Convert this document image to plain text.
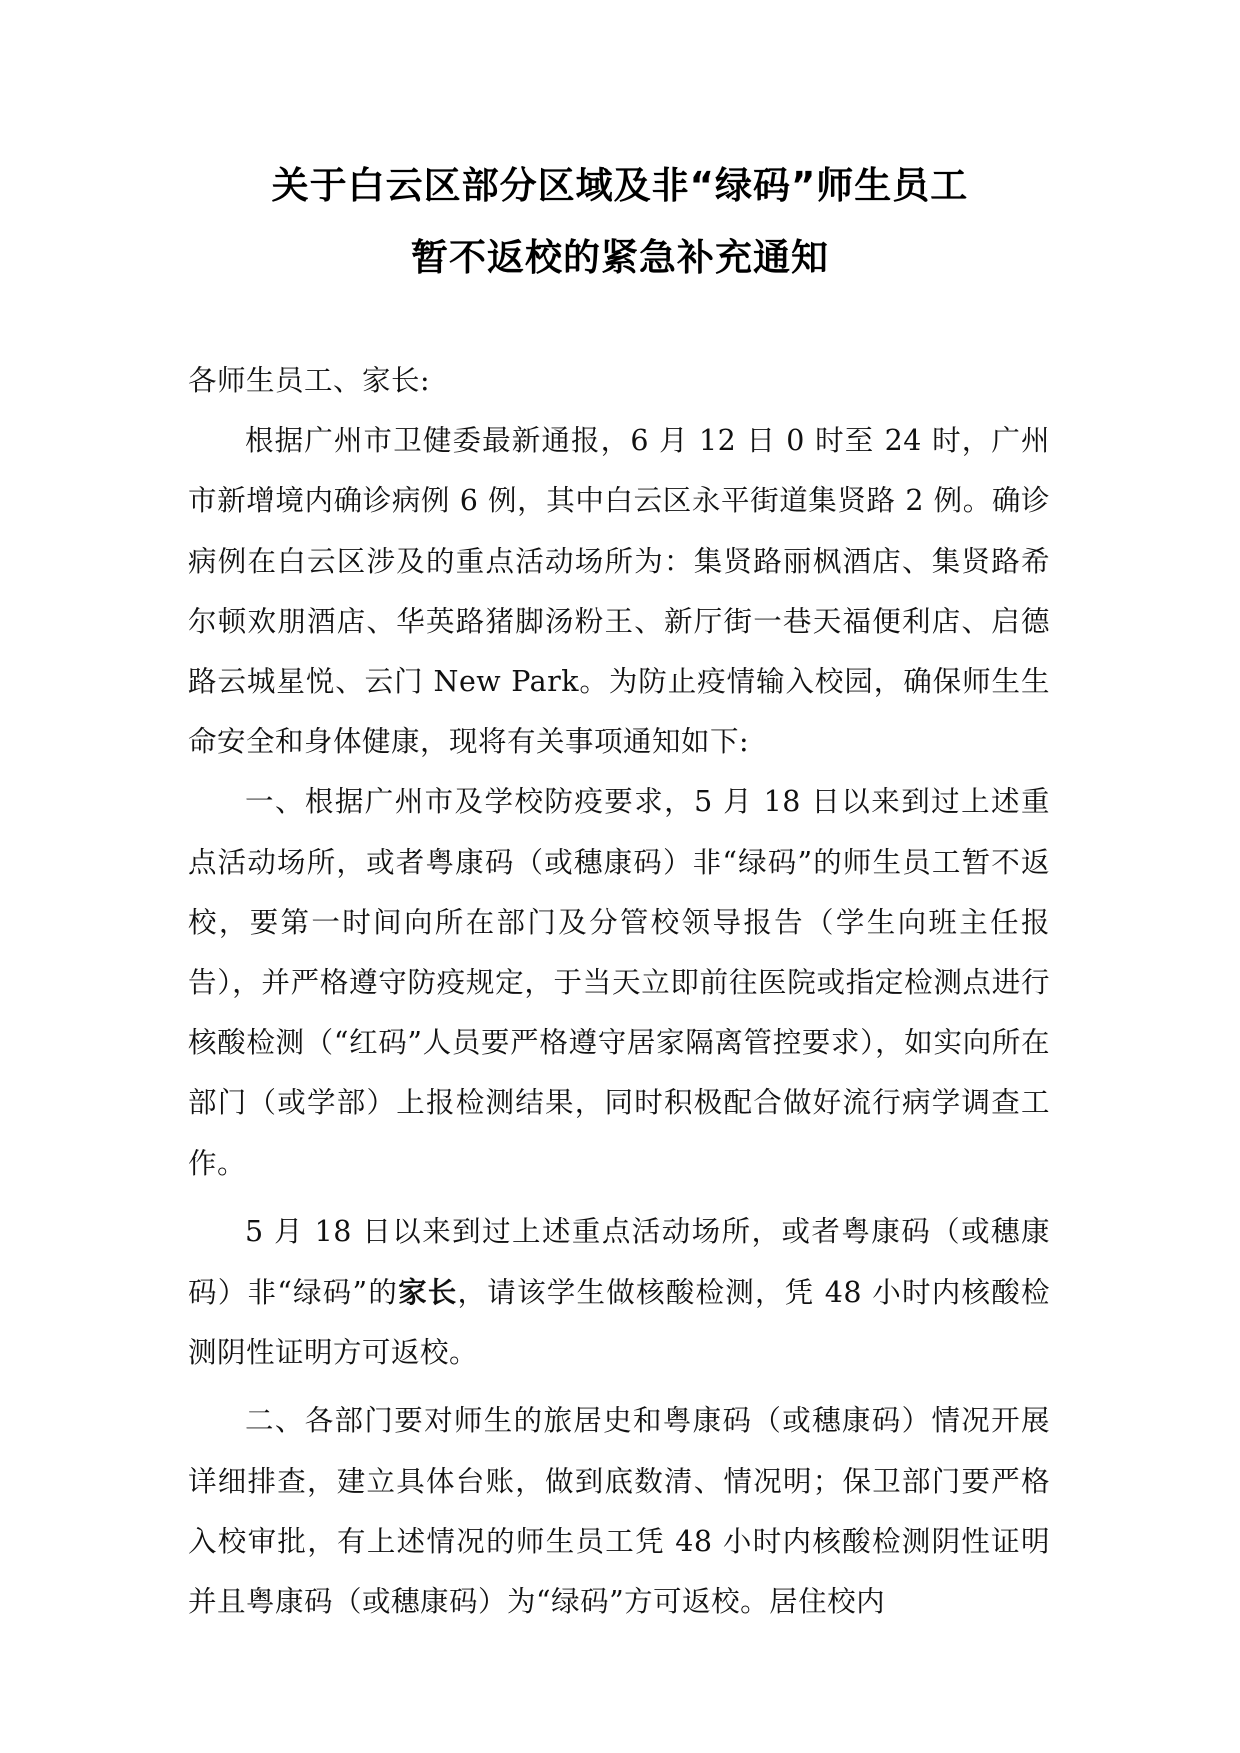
关于白云区部分区域及非“绿码”师生员工
暂不返校的紧急补充通知

各师生员工、家长:

根据广州市卫健委最新通报，6 月 12 日 0 时至 24 时，广州市新增境内确诊病例 6 例，其中白云区永平街道集贤路 2 例。确诊病例在白云区涉及的重点活动场所为：集贤路丽枫酒店、集贤路希尔顿欢朋酒店、华英路猪脚汤粉王、新厅街一巷天福便利店、启德路云城星悦、云门 New Park。为防止疫情输入校园，确保师生生命安全和身体健康，现将有关事项通知如下:

一、根据广州市及学校防疫要求，5 月 18 日以来到过上述重点活动场所，或者粤康码（或穗康码）非“绿码”的师生员工暂不返校，要第一时间向所在部门及分管校领导报告（学生向班主任报告），并严格遵守防疫规定，于当天立即前往医院或指定检测点进行核酸检测（“红码”人员要严格遵守居家隔离管控要求），如实向所在部门（或学部）上报检测结果，同时积极配合做好流行病学调查工作。

5 月 18 日以来到过上述重点活动场所，或者粤康码（或穗康码）非“绿码”的家长，请该学生做核酸检测，凭 48 小时内核酸检测阴性证明方可返校。

二、各部门要对师生的旅居史和粤康码（或穗康码）情况开展详细排查，建立具体台账，做到底数清、情况明；保卫部门要严格入校审批，有上述情况的师生员工凭 48 小时内核酸检测阴性证明并且粤康码（或穗康码）为“绿码”方可返校。居住校内
